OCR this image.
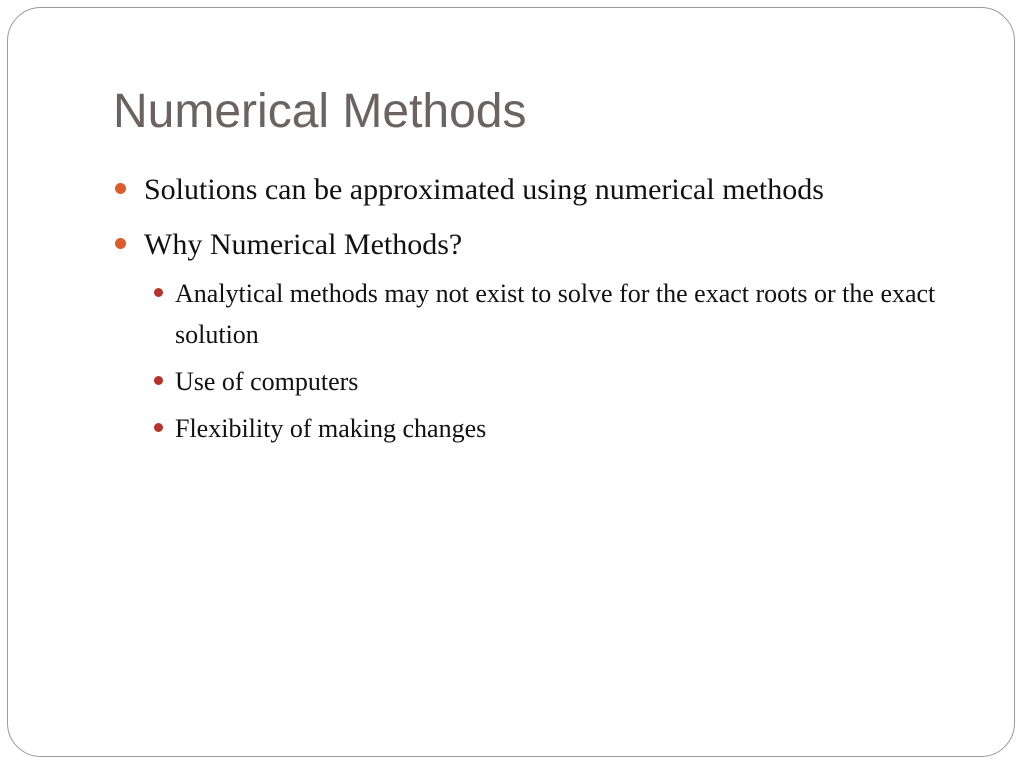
Numerical Methods
Solutions can be approximated using numerical methods
Why Numerical Methods?
Analytical methods may not exist to solve for the exact roots or the exact solution
Use of computers
Flexibility of making changes
